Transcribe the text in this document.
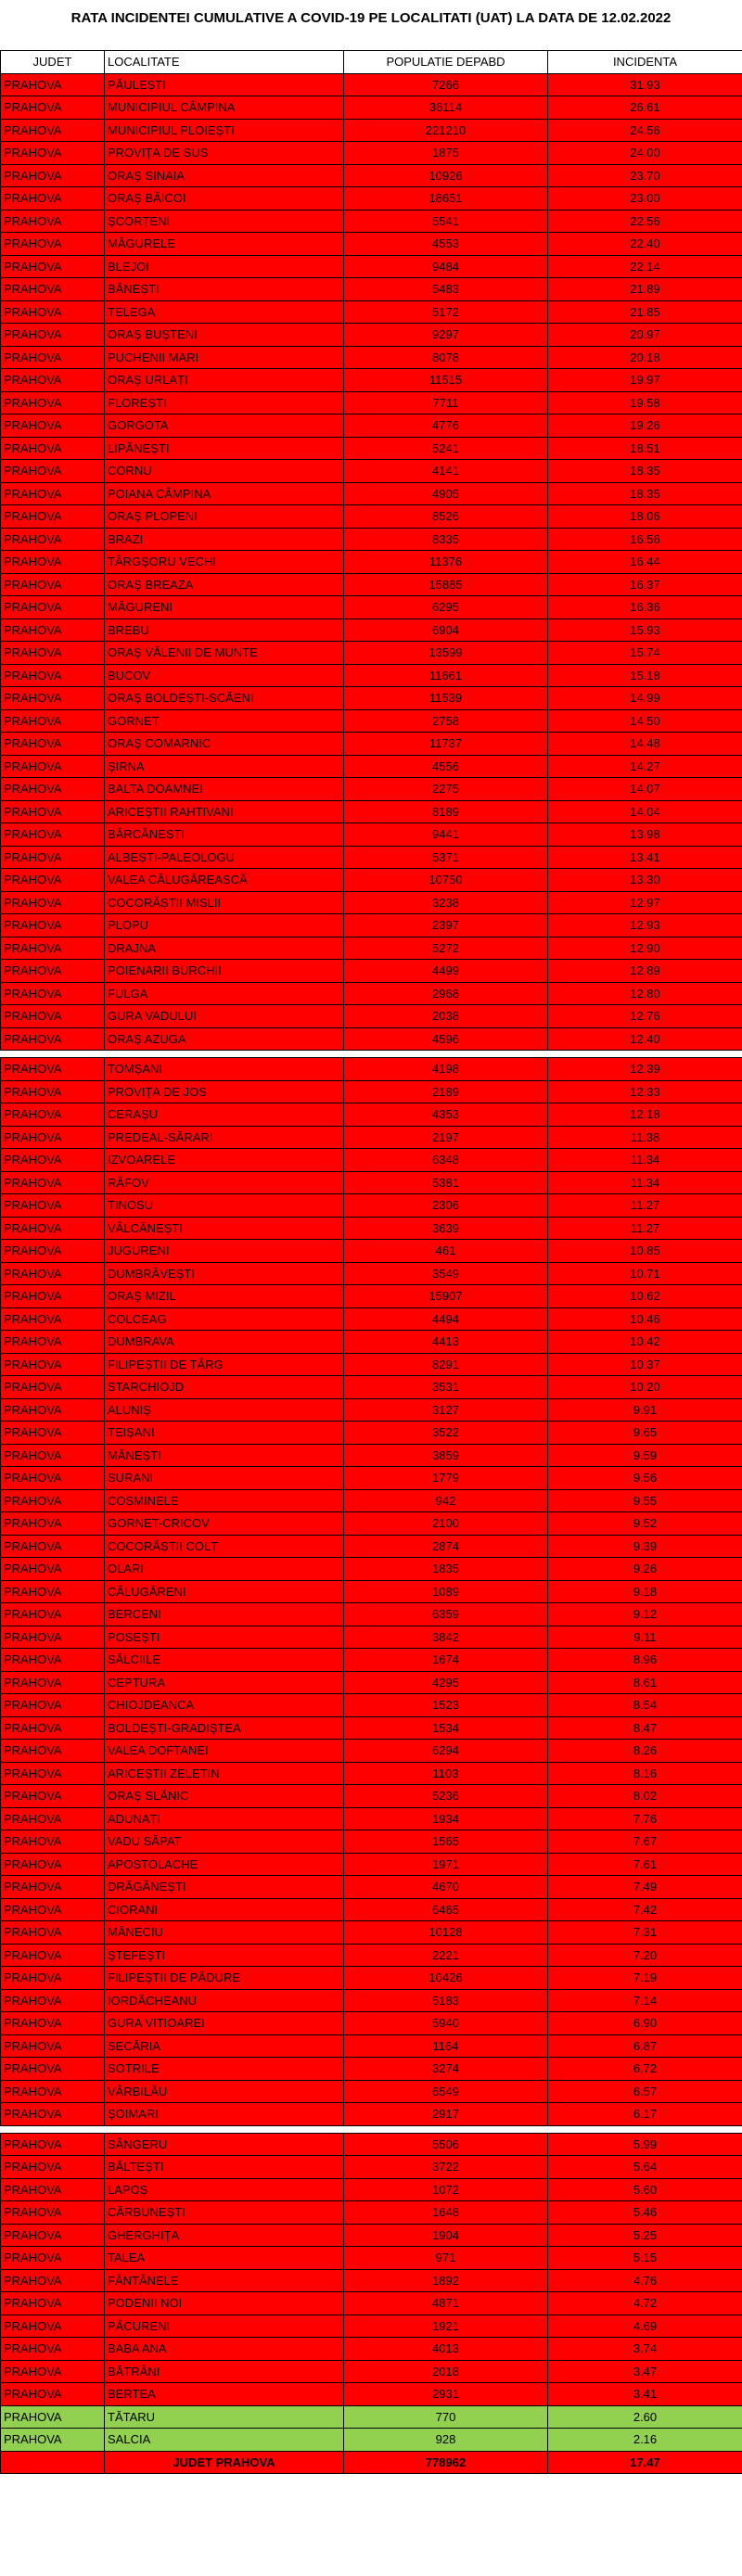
RATA INCIDENTEI CUMULATIVE A COVID-19 PE LOCALITATI (UAT) LA DATA DE 12.02.2022
JUDET	LOCALITATE	POPULATIE DEPABD	INCIDENTA
PRAHOVA	PĂULEȘTI	7266	31.93
PRAHOVA	MUNICIPIUL CÂMPINA	36114	26.61
PRAHOVA	MUNICIPIUL PLOIEȘTI	221210	24.56
PRAHOVA	PROVIȚA DE SUS	1875	24.00
PRAHOVA	ORAȘ SINAIA	10926	23.70
PRAHOVA	ORAȘ BĂICOI	18651	23.00
PRAHOVA	ȘCORȚENI	5541	22.56
PRAHOVA	MĂGURELE	4553	22.40
PRAHOVA	BLEJOI	9484	22.14
PRAHOVA	BĂNEȘTI	5483	21.89
PRAHOVA	TELEGA	5172	21.85
PRAHOVA	ORAȘ BUȘTENI	9297	20.97
PRAHOVA	PUCHENII MARI	8078	20.18
PRAHOVA	ORAȘ URLAȚI	11515	19.97
PRAHOVA	FLOREȘTI	7711	19.58
PRAHOVA	GORGOTA	4776	19.26
PRAHOVA	LIPĂNEȘTI	5241	18.51
PRAHOVA	CORNU	4141	18.35
PRAHOVA	POIANA CÂMPINA	4905	18.35
PRAHOVA	ORAȘ PLOPENI	8526	18.06
PRAHOVA	BRAZI	8335	16.56
PRAHOVA	TÂRGȘORU VECHI	11376	16.44
PRAHOVA	ORAȘ BREAZA	15885	16.37
PRAHOVA	MĂGURENI	6295	16.36
PRAHOVA	BREBU	6904	15.93
PRAHOVA	ORAȘ VĂLENII DE MUNTE	13599	15.74
PRAHOVA	BUCOV	11661	15.18
PRAHOVA	ORAȘ BOLDEȘTI-SCĂENI	11539	14.99
PRAHOVA	GORNET	2758	14.50
PRAHOVA	ORAȘ COMARNIC	11737	14.48
PRAHOVA	ȘIRNA	4556	14.27
PRAHOVA	BALTA DOAMNEI	2275	14.07
PRAHOVA	ARICEȘTII RAHTIVANI	8189	14.04
PRAHOVA	BĂRCĂNEȘTI	9441	13.98
PRAHOVA	ALBEȘTI-PALEOLOGU	5371	13.41
PRAHOVA	VALEA CĂLUGĂREASCĂ	10750	13.30
PRAHOVA	COCORĂȘTII MISLII	3238	12.97
PRAHOVA	PLOPU	2397	12.93
PRAHOVA	DRAJNA	5272	12.90
PRAHOVA	POIENARII BURCHII	4499	12.89
PRAHOVA	FULGA	2968	12.80
PRAHOVA	GURA VADULUI	2038	12.76
PRAHOVA	ORAȘ AZUGA	4596	12.40

PRAHOVA	TOMȘANI	4198	12.39
PRAHOVA	PROVIȚA DE JOS	2189	12.33
PRAHOVA	CERAȘU	4353	12.18
PRAHOVA	PREDEAL-SĂRARI	2197	11.38
PRAHOVA	IZVOARELE	6348	11.34
PRAHOVA	RÂFOV	5381	11.34
PRAHOVA	TINOSU	2306	11.27
PRAHOVA	VÂLCĂNEȘTI	3639	11.27
PRAHOVA	JUGURENI	461	10.85
PRAHOVA	DUMBRĂVEȘTI	3549	10.71
PRAHOVA	ORAȘ MIZIL	15907	10.62
PRAHOVA	COLCEAG	4494	10.46
PRAHOVA	DUMBRAVA	4413	10.42
PRAHOVA	FILIPEȘTII DE TÂRG	8291	10.37
PRAHOVA	STARCHIOJD	3531	10.20
PRAHOVA	ALUNIȘ	3127	9.91
PRAHOVA	TEIȘANI	3522	9.65
PRAHOVA	MĂNEȘTI	3859	9.59
PRAHOVA	SURANI	1779	9.56
PRAHOVA	COSMINELE	942	9.55
PRAHOVA	GORNET-CRICOV	2100	9.52
PRAHOVA	COCORĂȘTII COLȚ	2874	9.39
PRAHOVA	OLARI	1835	9.26
PRAHOVA	CĂLUGĂRENI	1089	9.18
PRAHOVA	BERCENI	6359	9.12
PRAHOVA	POSEȘTI	3842	9.11
PRAHOVA	SĂLCIILE	1674	8.96
PRAHOVA	CEPTURA	4295	8.61
PRAHOVA	CHIOJDEANCA	1523	8.54
PRAHOVA	BOLDEȘTI-GRADIȘTEA	1534	8.47
PRAHOVA	VALEA DOFTANEI	6294	8.26
PRAHOVA	ARICEȘTII ZELETIN	1103	8.16
PRAHOVA	ORAȘ SLĂNIC	5236	8.02
PRAHOVA	ADUNAȚI	1934	7.76
PRAHOVA	VADU SĂPAT	1565	7.67
PRAHOVA	APOSTOLACHE	1971	7.61
PRAHOVA	DRĂGĂNEȘTI	4670	7.49
PRAHOVA	CIORANI	6465	7.42
PRAHOVA	MĂNECIU	10128	7.31
PRAHOVA	ȘTEFEȘTI	2221	7.20
PRAHOVA	FILIPEȘTII DE PĂDURE	10426	7.19
PRAHOVA	IORDĂCHEANU	5183	7.14
PRAHOVA	GURA VITIOAREI	5940	6.90
PRAHOVA	SECĂRIA	1164	6.87
PRAHOVA	SOTRILE	3274	6.72
PRAHOVA	VÂRBILĂU	6549	6.57
PRAHOVA	ȘOIMARI	2917	6.17

PRAHOVA	SÂNGERU	5506	5.99
PRAHOVA	BĂLTEȘTI	3722	5.64
PRAHOVA	LAPOȘ	1072	5.60
PRAHOVA	CĂRBUNEȘTI	1648	5.46
PRAHOVA	GHERGHIȚA	1904	5.25
PRAHOVA	TALEA	971	5.15
PRAHOVA	FÂNTÂNELE	1892	4.76
PRAHOVA	PODENII NOI	4871	4.72
PRAHOVA	PĂCURENI	1921	4.69
PRAHOVA	BABA ANA	4013	3.74
PRAHOVA	BĂTRÂNI	2018	3.47
PRAHOVA	BERTEA	2931	3.41
PRAHOVA	TĂTARU	770	2.60
PRAHOVA	SALCIA	928	2.16
	JUDET PRAHOVA	778962	17.47
